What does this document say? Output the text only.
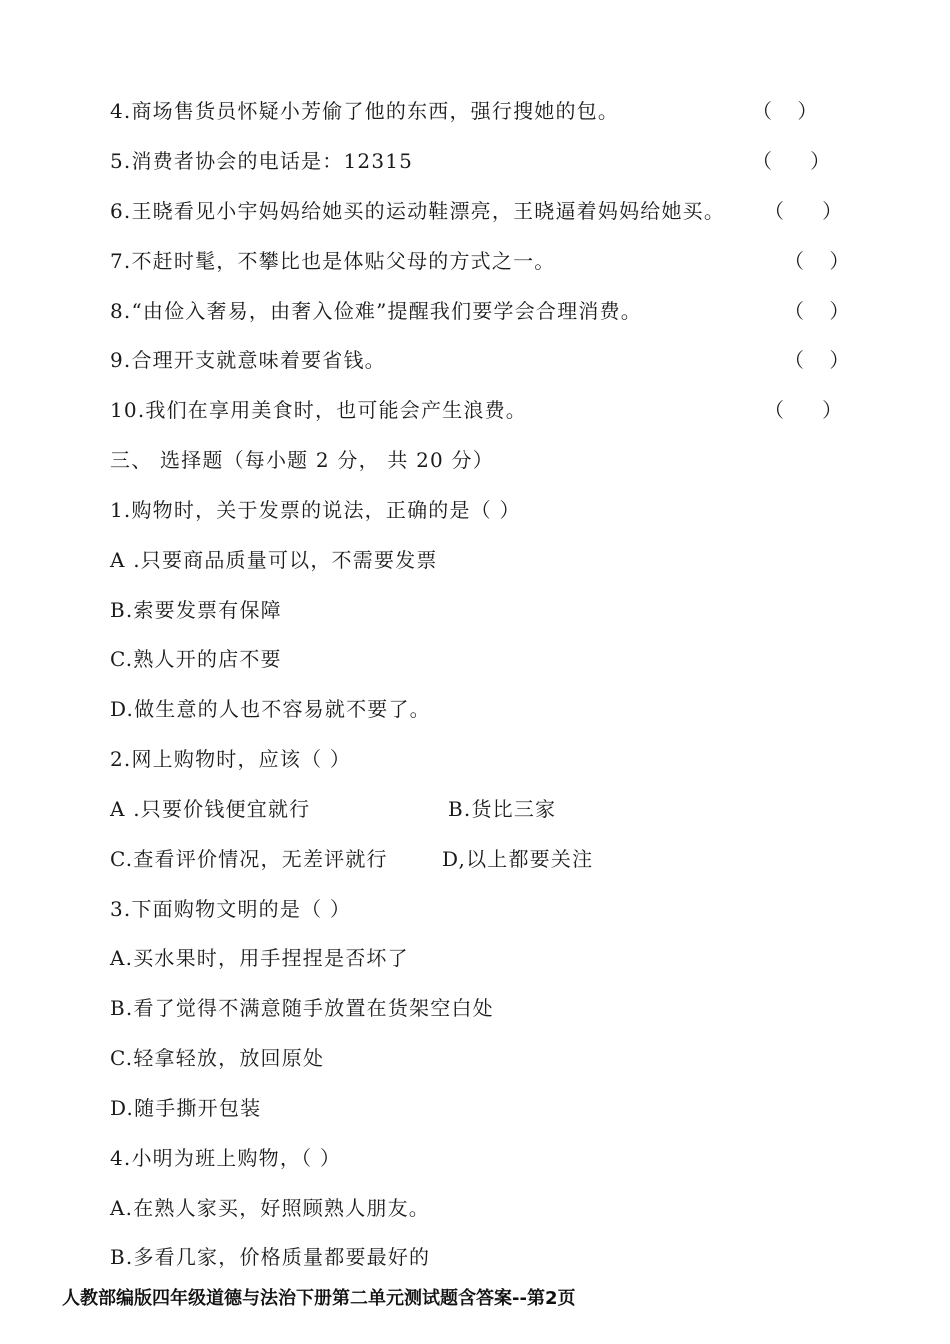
4.商场售货员怀疑小芳偷了他的东西，强行搜她的包。	（    ）
5.消费者协会的电话是：12315	（      ）
6.王晓看见小宇妈妈给她买的运动鞋漂亮，王晓逼着妈妈给她买。 （      ）
7.不赶时髦，不攀比也是体贴父母的方式之一。	（    ）
8.“由俭入奢易，由奢入俭难”提醒我们要学会合理消费。	（    ）
9.合理开支就意味着要省钱。	（    ）
10.我们在享用美食时，也可能会产生浪费。	（      ）
三、 选择题（每小题 2 分， 共 20 分）
1.购物时，关于发票的说法，正确的是（ ）
A .只要商品质量可以，不需要发票
B.索要发票有保障
C.熟人开的店不要
D.做生意的人也不容易就不要了。
2.网上购物时，应该（ ）
A .只要价钱便宜就行	B.货比三家
C.查看评价情况，无差评就行	D,以上都要关注
3.下面购物文明的是（ ）
A.买水果时，用手捏捏是否坏了
B.看了觉得不满意随手放置在货架空白处
C.轻拿轻放，放回原处
D.随手撕开包装
4.小明为班上购物，（ ）
A.在熟人家买，好照顾熟人朋友。
B.多看几家，价格质量都要最好的
人教部编版四年级道德与法治下册第二单元测试题含答案--第2页
